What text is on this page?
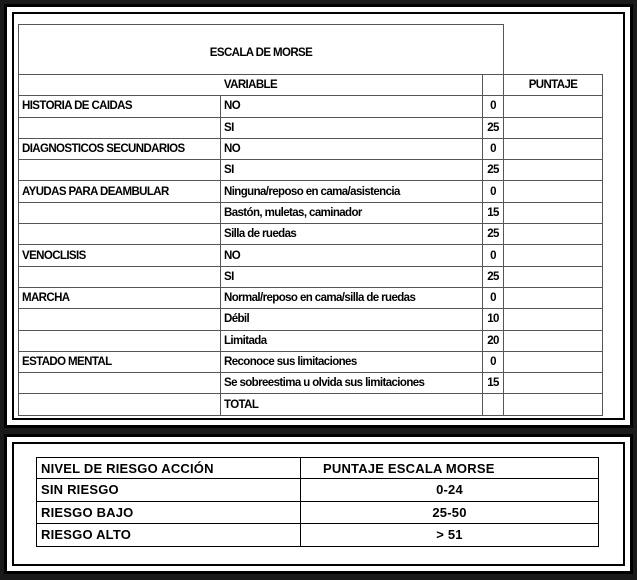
ESCALA DE MORSE			
VARIABLE			PUNTAJE
HISTORIA DE CAIDAS	NO	0	
	SI	25	
DIAGNOSTICOS SECUNDARIOS	NO	0	
	SI	25	
AYUDAS PARA DEAMBULAR	Ninguna/reposo en cama/asistencia	0	
	Bastón, muletas, caminador	15	
	Silla de ruedas	25	
VENOCLISIS	NO	0	
	SI	25	
MARCHA	Normal/reposo en cama/silla de ruedas	0	
	Débil	10	
	Limitada	20	
ESTADO MENTAL	Reconoce sus limitaciones	0	
	Se sobreestima u olvida sus limitaciones	15	
	TOTAL		
NIVEL DE RIESGO ACCIÓN	PUNTAJE ESCALA MORSE
SIN RIESGO	0-24
RIESGO BAJO	25-50
RIESGO ALTO	> 51
